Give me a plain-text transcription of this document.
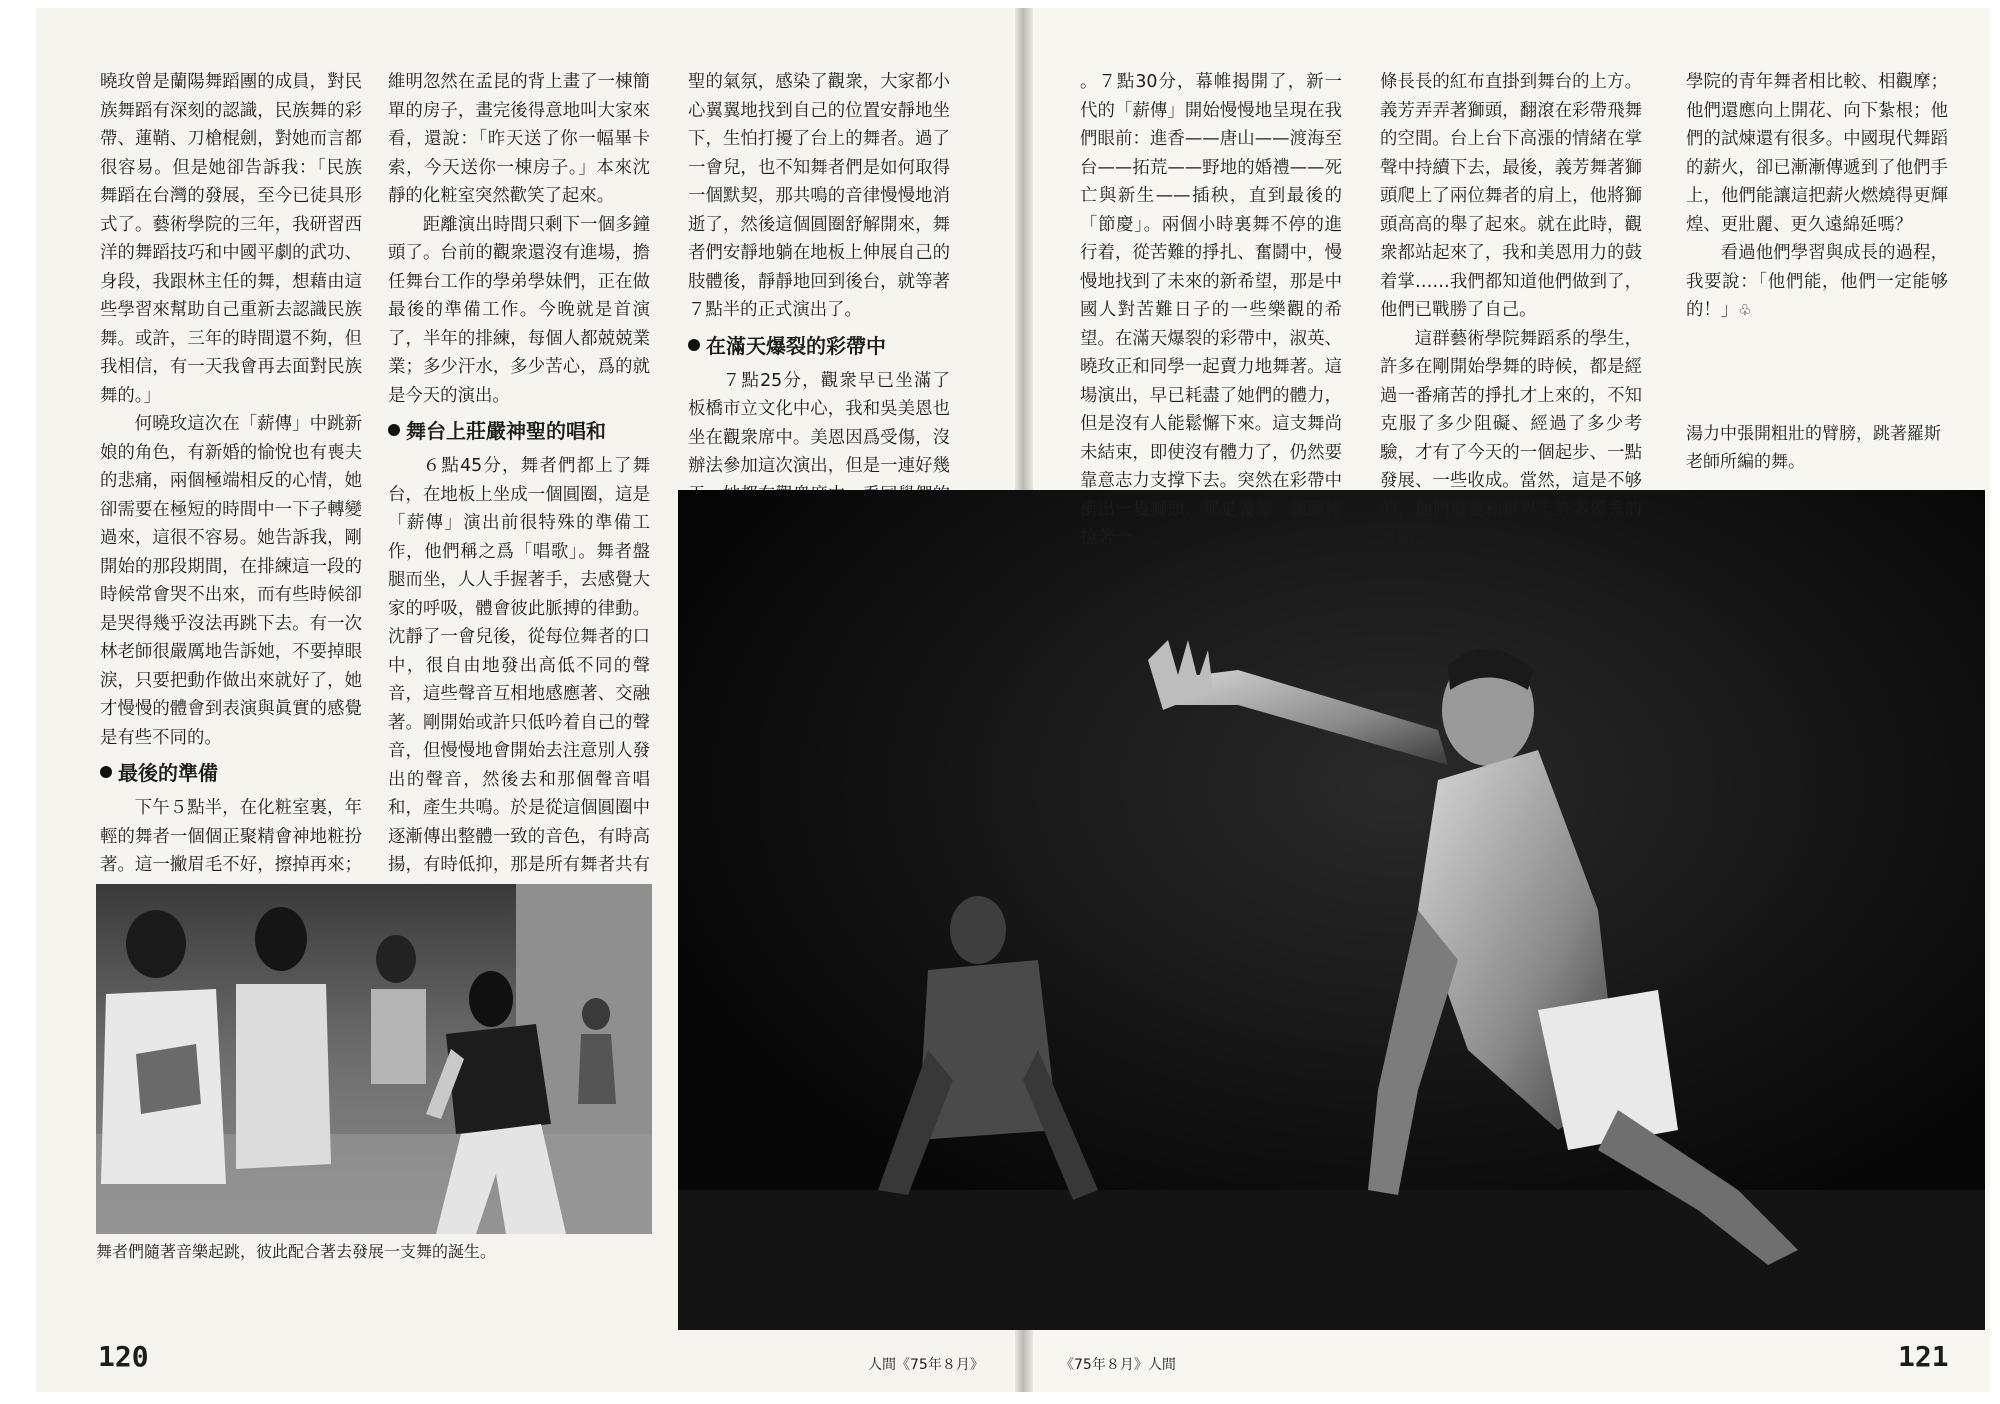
曉玫曾是蘭陽舞蹈團的成員，對民族舞蹈有深刻的認識，民族舞的彩帶、蓮鞘、刀槍棍劍，對她而言都很容易。但是她卻告訴我：「民族舞蹈在台灣的發展，至今已徒具形式了。藝術學院的三年，我研習西洋的舞蹈技巧和中國平劇的武功、身段，我跟林主任的舞，想藉由這些學習來幫助自己重新去認識民族舞。或許，三年的時間還不夠，但我相信，有一天我會再去面對民族舞的。」

何曉玫這次在「薪傳」中跳新娘的角色，有新婚的愉悅也有喪夫的悲痛，兩個極端相反的心情，她卻需要在極短的時間中一下子轉變過來，這很不容易。她告訴我，剛開始的那段期間，在排練這一段的時候常會哭不出來，而有些時候卻是哭得幾乎沒法再跳下去。有一次林老師很嚴厲地告訴她，不要掉眼淚，只要把動作做出來就好了，她才慢慢的體會到表演與眞實的感覺是有些不同的。

最後的準備

下午５點半，在化粧室裏，年輕的舞者一個個正聚精會神地粧扮著。這一撇眉毛不好，擦掉再來；

維明忽然在孟昆的背上畫了一棟簡單的房子，畫完後得意地叫大家來看，還說：「昨天送了你一幅畢卡索，今天送你一棟房子。」本來沈靜的化粧室突然歡笑了起來。

距離演出時間只剩下一個多鐘頭了。台前的觀衆還沒有進場，擔任舞台工作的學弟學妹們，正在做最後的準備工作。今晚就是首演了，半年的排練，每個人都兢兢業業；多少汗水，多少苦心，爲的就是今天的演出。

舞台上莊嚴神聖的唱和

６點45分，舞者們都上了舞台，在地板上坐成一個圓圈，這是「薪傳」演出前很特殊的準備工作，他們稱之爲「唱歌」。舞者盤腿而坐，人人手握著手，去感覺大家的呼吸，體會彼此脈搏的律動。沈靜了一會兒後，從每位舞者的口中，很自由地發出高低不同的聲音，這些聲音互相地感應著、交融著。剛開始或許只低吟着自己的聲音，但慢慢地會開始去注意別人發出的聲音，然後去和那個聲音唱和，產生共鳴。於是從這個圓圈中逐漸傳出整體一致的音色，有時高揚，有時低抑，那是所有舞者共有

聖的氣氛，感染了觀衆，大家都小心翼翼地找到自己的位置安靜地坐下，生怕打擾了台上的舞者。過了一會兒，也不知舞者們是如何取得一個默契，那共鳴的音律慢慢地消逝了，然後這個圓圈舒解開來，舞者們安靜地躺在地板上伸展自己的肢體後，靜靜地回到後台，就等著７點半的正式演出了。

在滿天爆裂的彩帶中

７點25分，觀衆早已坐滿了板橋市立文化中心，我和吳美恩也坐在觀衆席中。美恩因爲受傷，沒辦法參加這次演出，但是一連好幾

舞者們隨著音樂起跳，彼此配合著去發展一支舞的誕生。

。７點30分，幕帷揭開了，新一代的「薪傳」開始慢慢地呈現在我們眼前：進香——唐山——渡海至台——拓荒——野地的婚禮——死亡與新生——插秧，直到最後的「節慶」。兩個小時裏舞不停的進行着，從苦難的掙扎、奮鬪中，慢慢地找到了未來的新希望，那是中國人對苦難日子的一些樂觀的希望。在滿天爆裂的彩帶中，淑英、曉玫正和同學一起賣力地舞著。這場演出，早已耗盡了她們的體力，但是沒有人能鬆懈下來。這支舞尚未結束，即使沒有體力了，仍然要靠意志力支撑下去。突然在彩帶中衝出一隻獅頭，那是義芳。獅頭後拉著一

條長長的紅布直掛到舞台的上方。義芳弄弄著獅頭，翻滾在彩帶飛舞的空間。台上台下高漲的情緒在掌聲中持續下去，最後，義芳舞著獅頭爬上了兩位舞者的肩上，他將獅頭高高的舉了起來。就在此時，觀衆都站起來了，我和美恩用力的鼓着掌……我們都知道他們做到了，他們已戰勝了自己。

這群藝術學院舞蹈系的學生，許多在剛開始學舞的時候，都是經過一番痛苦的掙扎才上來的，不知克服了多少阻礙、經過了多少考驗，才有了今天的一個起步、一點發展、一些收成。當然，這是不够的，他們還要和世界上許多優秀的舞蹈

學院的青年舞者相比較、相觀摩；他們還應向上開花、向下紮根；他們的試煉還有很多。中國現代舞蹈的薪火，卻已漸漸傳遞到了他們手上，他們能讓這把薪火燃燒得更輝煌、更壯麗、更久遠綿延嗎？

看過他們學習與成長的過程，我要說：「他們能，他們一定能够的！」♧

湯力中張開粗壯的臂膀，跳著羅斯老師所編的舞。
120	人間《75年８月》	《75年８月》人間	121
